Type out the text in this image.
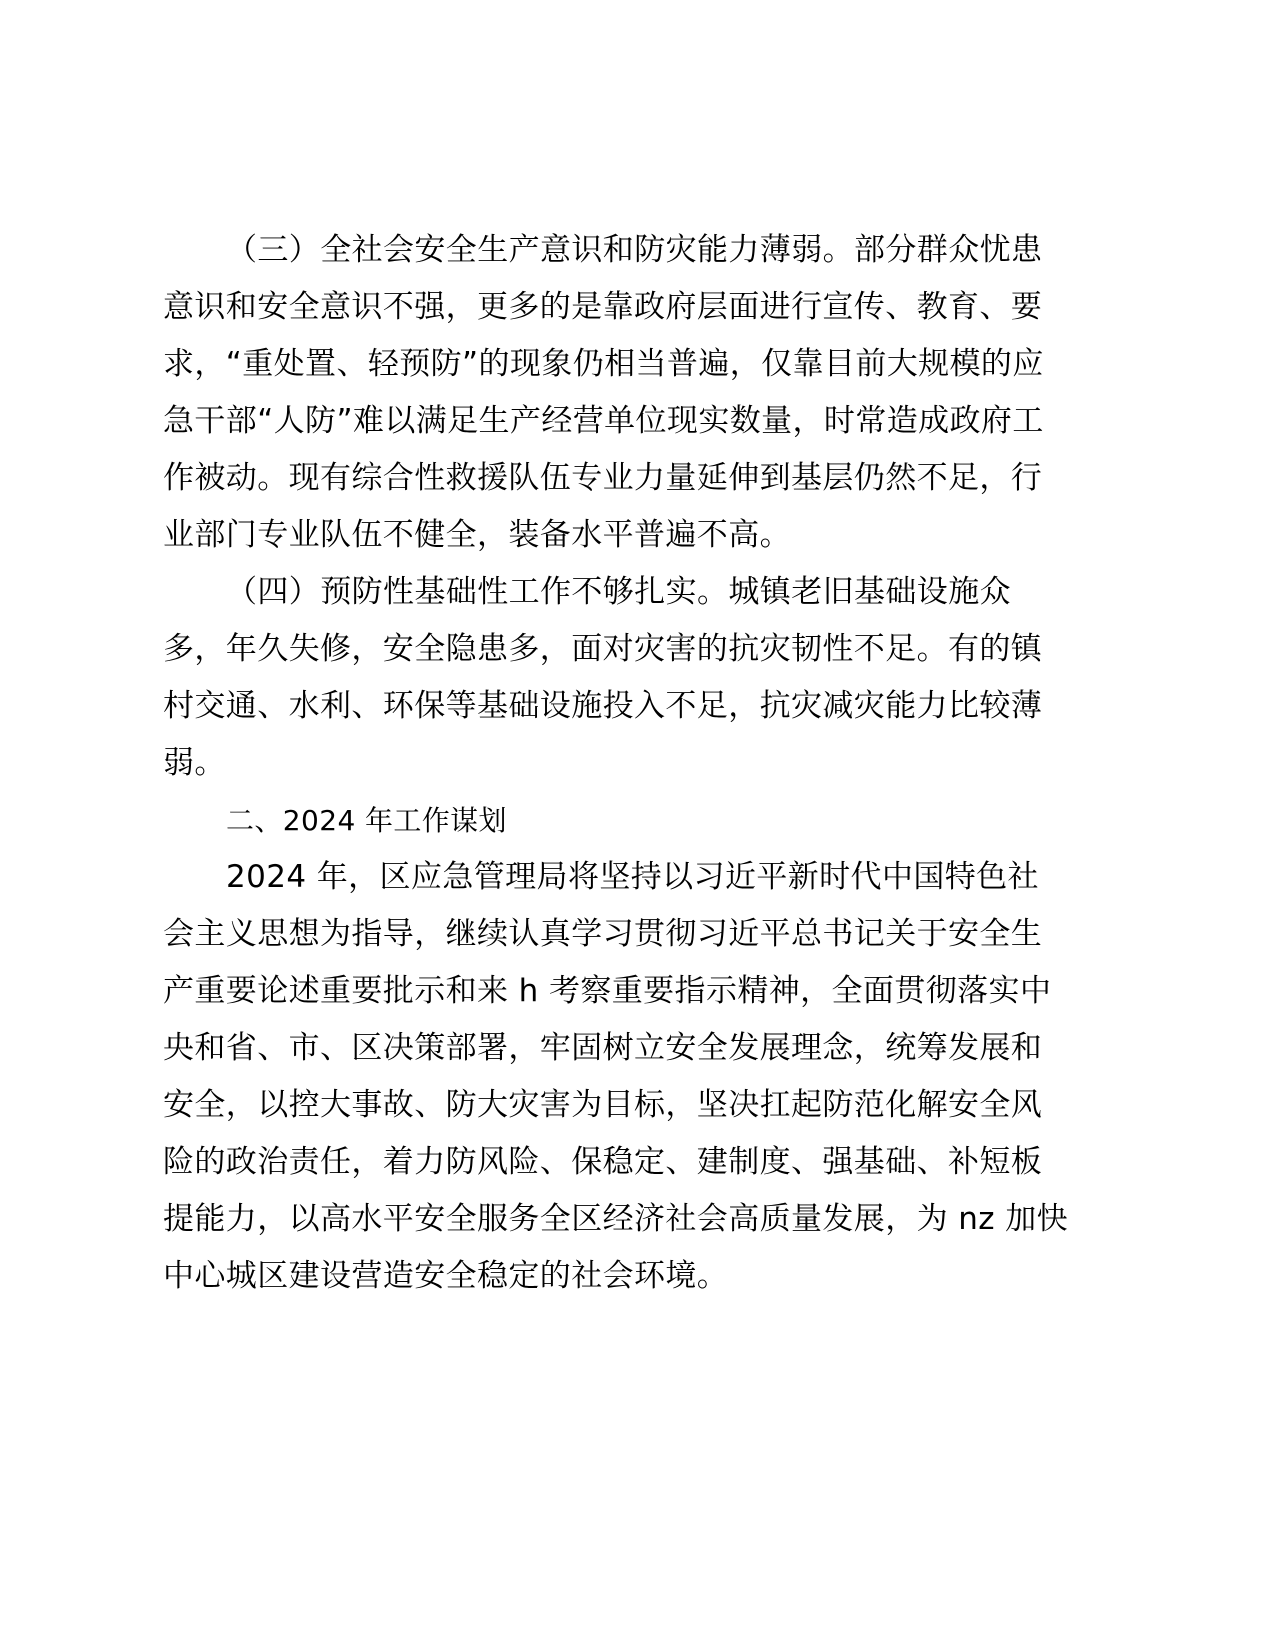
（三）全社会安全生产意识和防灾能力薄弱。部分群众忧患
意识和安全意识不强，更多的是靠政府层面进行宣传、教育、要
求，“重处置、轻预防”的现象仍相当普遍，仅靠目前大规模的应
急干部“人防”难以满足生产经营单位现实数量，时常造成政府工
作被动。现有综合性救援队伍专业力量延伸到基层仍然不足，行
业部门专业队伍不健全，装备水平普遍不高。
（四）预防性基础性工作不够扎实。城镇老旧基础设施众
多，年久失修，安全隐患多，面对灾害的抗灾韧性不足。有的镇
村交通、水利、环保等基础设施投入不足，抗灾减灾能力比较薄
弱。
二、2024 年工作谋划
2024 年，区应急管理局将坚持以习近平新时代中国特色社
会主义思想为指导，继续认真学习贯彻习近平总书记关于安全生
产重要论述重要批示和来 h 考察重要指示精神，全面贯彻落实中
央和省、市、区决策部署，牢固树立安全发展理念，统筹发展和
安全，以控大事故、防大灾害为目标，坚决扛起防范化解安全风
险的政治责任，着力防风险、保稳定、建制度、强基础、补短板
提能力，以高水平安全服务全区经济社会高质量发展，为 nz 加快
中心城区建设营造安全稳定的社会环境。
